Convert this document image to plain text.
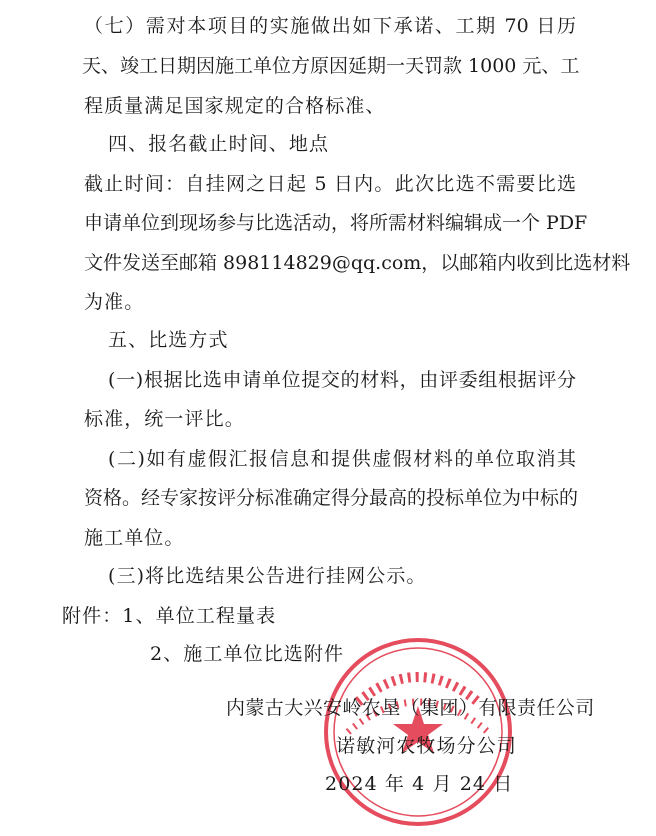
（七）需对本项目的实施做出如下承诺、工期 70 日历
天、竣工日期因施工单位方原因延期一天罚款 1000 元、工
程质量满足国家规定的合格标准、
四、报名截止时间、地点
截止时间：自挂网之日起 5 日内。此次比选不需要比选
申请单位到现场参与比选活动，将所需材料编辑成一个 PDF
文件发送至邮箱 898114829@qq.com，以邮箱内收到比选材料
为准。
五、比选方式
(一)根据比选申请单位提交的材料，由评委组根据评分
标准，统一评比。
(二)如有虚假汇报信息和提供虚假材料的单位取消其
资格。经专家按评分标准确定得分最高的投标单位为中标的
施工单位。
(三)将比选结果公告进行挂网公示。
附件：1、单位工程量表
2、施工单位比选附件
内蒙古大兴安岭农垦（集团）有限责任公司
诺敏河农牧场分公司
2024 年 4 月 24 日
